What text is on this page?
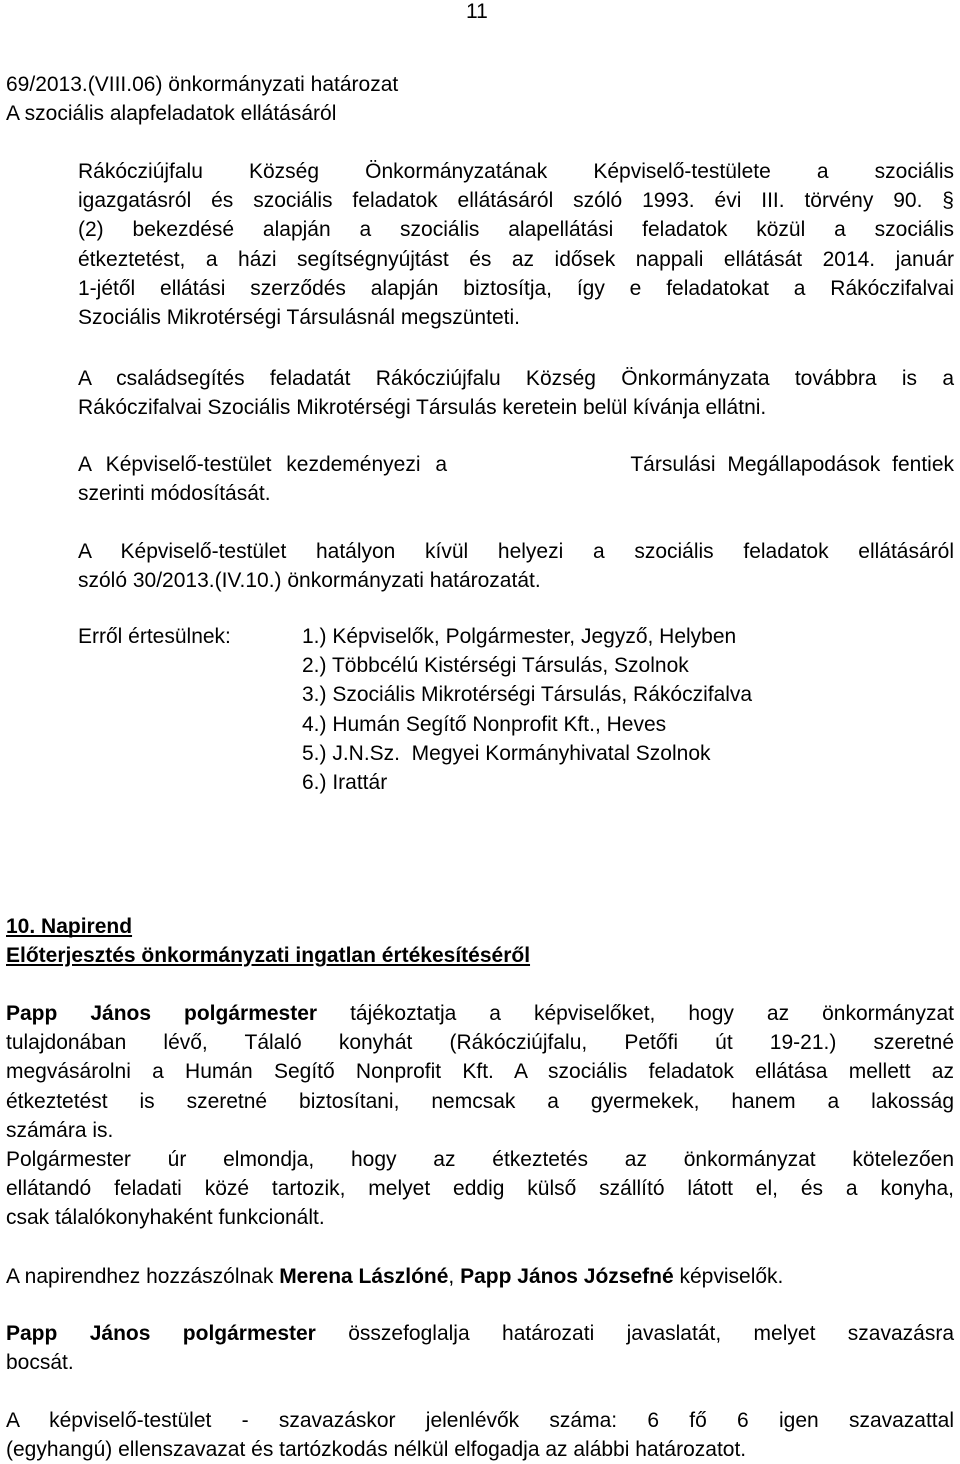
11
69/2013.(VIII.06) önkormányzati határozat
A szociális alapfeladatok ellátásáról
Rákócziújfalu Község Önkormányzatának Képviselő-testülete a szociális
igazgatásról és szociális feladatok ellátásáról szóló 1993. évi III. törvény 90. §
(2) bekezdésé alapján a szociális alapellátási feladatok közül a szociális
étkeztetést, a házi segítségnyújtást és az idősek nappali ellátását 2014. január
1-jétől ellátási szerződés alapján biztosítja, így e feladatokat a Rákóczifalvai
Szociális Mikrotérségi Társulásnál megszünteti.
A családsegítés feladatát Rákócziújfalu Község Önkormányzata továbbra is a
Rákóczifalvai Szociális Mikrotérségi Társulás keretein belül kívánja ellátni.
A Képviselő-testület kezdeményezi a	Társulási Megállapodások fentiek
szerinti módosítását.
A Képviselő-testület hatályon kívül helyezi a szociális feladatok ellátásáról
szóló 30/2013.(IV.10.) önkormányzati határozatát.
Erről értesülnek:	1.) Képviselők, Polgármester, Jegyző, Helyben
2.) Többcélú Kistérségi Társulás, Szolnok
3.) Szociális Mikrotérségi Társulás, Rákóczifalva
4.) Humán Segítő Nonprofit Kft., Heves
5.) J.N.Sz.  Megyei Kormányhivatal Szolnok
6.) Irattár
10. Napirend
Előterjesztés önkormányzati ingatlan értékesítéséről
Papp János polgármester tájékoztatja a képviselőket, hogy az önkormányzat
tulajdonában lévő, Tálaló konyhát (Rákócziújfalu, Petőfi út 19-21.) szeretné
megvásárolni a Humán Segítő Nonprofit Kft. A szociális feladatok ellátása mellett az
étkeztetést is szeretné biztosítani, nemcsak a gyermekek, hanem a lakosság
számára is.
Polgármester úr elmondja, hogy az étkeztetés az önkormányzat kötelezően
ellátandó feladati közé tartozik, melyet eddig külső szállító látott el, és a konyha,
csak tálalókonyhaként funkcionált.
A napirendhez hozzászólnak Merena Lászlóné, Papp János Józsefné képviselők.
Papp János polgármester összefoglalja határozati javaslatát, melyet szavazásra
bocsát.
A képviselő-testület - szavazáskor jelenlévők száma: 6 fő 6 igen szavazattal
(egyhangú) ellenszavazat és tartózkodás nélkül elfogadja az alábbi határozatot.
